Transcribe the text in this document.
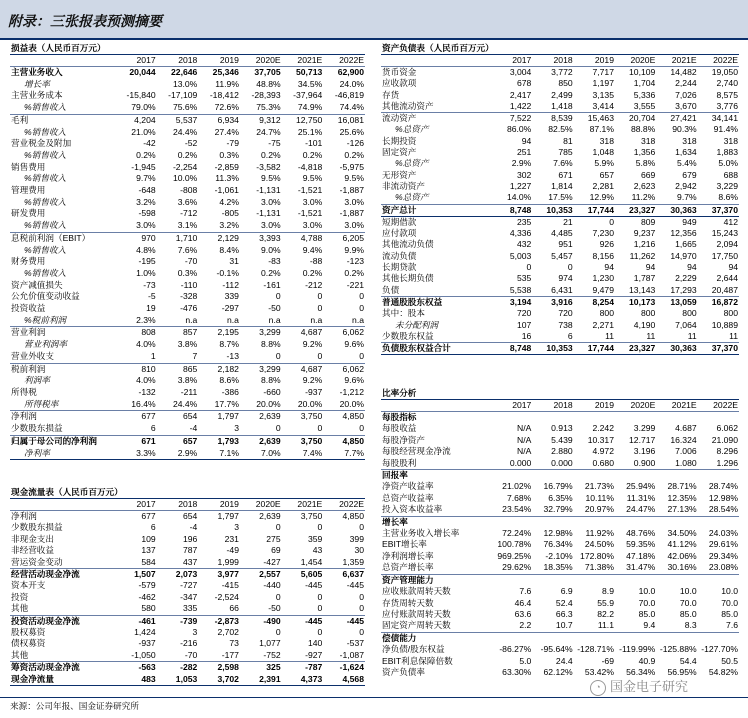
附录：三张报表预测摘要
损益表（人民币百万元）						
	2017	2018	2019	2020E	2021E	2022E
主营业务收入	20,044	22,646	25,346	37,705	50,713	62,900
增长率		13.0%	11.9%	48.8%	34.5%	24.0%
主营业务成本	-15,840	-17,109	-18,412	-28,393	-37,964	-46,819
%销售收入	79.0%	75.6%	72.6%	75.3%	74.9%	74.4%
毛利	4,204	5,537	6,934	9,312	12,750	16,081
%销售收入	21.0%	24.4%	27.4%	24.7%	25.1%	25.6%
营业税金及附加	-42	-52	-79	-75	-101	-126
%销售收入	0.2%	0.2%	0.3%	0.2%	0.2%	0.2%
销售费用	-1,945	-2,254	-2,859	-3,582	-4,818	-5,975
%销售收入	9.7%	10.0%	11.3%	9.5%	9.5%	9.5%
管理费用	-648	-808	-1,061	-1,131	-1,521	-1,887
%销售收入	3.2%	3.6%	4.2%	3.0%	3.0%	3.0%
研发费用	-598	-712	-805	-1,131	-1,521	-1,887
%销售收入	3.0%	3.1%	3.2%	3.0%	3.0%	3.0%
息税前利润（EBIT）	970	1,710	2,129	3,393	4,788	6,205
%销售收入	4.8%	7.6%	8.4%	9.0%	9.4%	9.9%
财务费用	-195	-70	31	-83	-88	-123
%销售收入	1.0%	0.3%	-0.1%	0.2%	0.2%	0.2%
资产减值损失	-73	-110	-112	-161	-212	-221
公允价值变动收益	-5	-328	339	0	0	0
投资收益	19	-476	-297	-50	0	0
%税前利润	2.3%	n.a	n.a	n.a	n.a	n.a
营业利润	808	857	2,195	3,299	4,687	6,062
营业利润率	4.0%	3.8%	8.7%	8.8%	9.2%	9.6%
营业外收支	1	7	-13	0	0	0
税前利润	810	865	2,182	3,299	4,687	6,062
利润率	4.0%	3.8%	8.6%	8.8%	9.2%	9.6%
所得税	-132	-211	-386	-660	-937	-1,212
所得税率	16.4%	24.4%	17.7%	20.0%	20.0%	20.0%
净利润	677	654	1,797	2,639	3,750	4,850
少数股东损益	6	-4	3	0	0	0
归属于母公司的净利润	671	657	1,793	2,639	3,750	4,850
净利率	3.3%	2.9%	7.1%	7.0%	7.4%	7.7%
资产负债表（人民币百万元）						
	2017	2018	2019	2020E	2021E	2022E
货币资金	3,004	3,772	7,717	10,109	14,482	19,050
应收款项	678	850	1,197	1,704	2,244	2,740
存货	2,417	2,499	3,135	5,336	7,026	8,575
其他流动资产	1,422	1,418	3,414	3,555	3,670	3,776
流动资产	7,522	8,539	15,463	20,704	27,421	34,141
%总资产	86.0%	82.5%	87.1%	88.8%	90.3%	91.4%
长期投资	94	81	318	318	318	318
固定资产	251	785	1,048	1,356	1,634	1,883
%总资产	2.9%	7.6%	5.9%	5.8%	5.4%	5.0%
无形资产	302	671	657	669	679	688
非流动资产	1,227	1,814	2,281	2,623	2,942	3,229
%总资产	14.0%	17.5%	12.9%	11.2%	9.7%	8.6%
资产总计	8,748	10,353	17,744	23,327	30,363	37,370
短期借款	235	21	0	809	949	412
应付款项	4,336	4,485	7,230	9,237	12,356	15,243
其他流动负债	432	951	926	1,216	1,665	2,094
流动负债	5,003	5,457	8,156	11,262	14,970	17,750
长期贷款	0	0	94	94	94	94
其他长期负债	535	974	1,230	1,787	2,229	2,644
负债	5,538	6,431	9,479	13,143	17,293	20,487
普通股股东权益	3,194	3,916	8,254	10,173	13,059	16,872
其中：股本	720	720	800	800	800	800
未分配利润	107	738	2,271	4,190	7,064	10,889
少数股东权益	16	6	11	11	11	11
负债股东权益合计	8,748	10,353	17,744	23,327	30,363	37,370
比率分析						
	2017	2018	2019	2020E	2021E	2022E
每股指标						
每股收益	N/A	0.913	2.242	3.299	4.687	6.062
每股净资产	N/A	5.439	10.317	12.717	16.324	21.090
每股经营现金净流	N/A	2.880	4.972	3.196	7.006	8.296
每股股利	0.000	0.000	0.680	0.900	1.080	1.296
回报率						
净资产收益率	21.02%	16.79%	21.73%	25.94%	28.71%	28.74%
总资产收益率	7.68%	6.35%	10.11%	11.31%	12.35%	12.98%
投入资本收益率	23.54%	32.79%	20.97%	24.47%	27.13%	28.54%
增长率						
主营业务收入增长率	72.24%	12.98%	11.92%	48.76%	34.50%	24.03%
EBIT增长率	100.78%	76.34%	24.50%	59.35%	41.12%	29.61%
净利润增长率	969.25%	-2.10%	172.80%	47.18%	42.06%	29.34%
总资产增长率	29.62%	18.35%	71.38%	31.47%	30.16%	23.08%
资产管理能力						
应收账款周转天数	7.6	6.9	8.9	10.0	10.0	10.0
存货周转天数	46.4	52.4	55.9	70.0	70.0	70.0
应付账款周转天数	63.6	66.3	82.2	85.0	85.0	85.0
固定资产周转天数	2.2	10.7	11.1	9.4	8.3	7.6
偿债能力						
净负债/股东权益	-86.27%	-95.64%	-128.71%	-119.99%	-125.88%	-127.70%
EBIT利息保障倍数	5.0	24.4	-69	40.9	54.4	50.5
资产负债率	63.30%	62.12%	53.42%	56.34%	56.95%	54.82%
现金流量表（人民币百万元）						
	2017	2018	2019	2020E	2021E	2022E
净利润	677	654	1,797	2,639	3,750	4,850
少数股东损益	6	-4	3	0	0	0
非现金支出	109	196	231	275	359	399
非经营收益	137	787	-49	69	43	30
营运资金变动	584	437	1,999	-427	1,454	1,359
经营活动现金净流	1,507	2,073	3,977	2,557	5,605	6,637
资本开支	-579	-727	-415	-440	-445	-445
投资	-462	-347	-2,524	0	0	0
其他	580	335	66	-50	0	0
投资活动现金净流	-461	-739	-2,873	-490	-445	-445
股权募资	1,424	3	2,702	0	0	0
债权募资	-937	-216	73	1,077	140	-537
其他	-1,050	-70	-177	-752	-927	-1,087
筹资活动现金净流	-563	-282	2,598	325	-787	-1,624
现金净流量	483	1,053	3,702	2,391	4,373	4,568
来源：公司年报、国金证券研究所
◔ 国金电子研究
